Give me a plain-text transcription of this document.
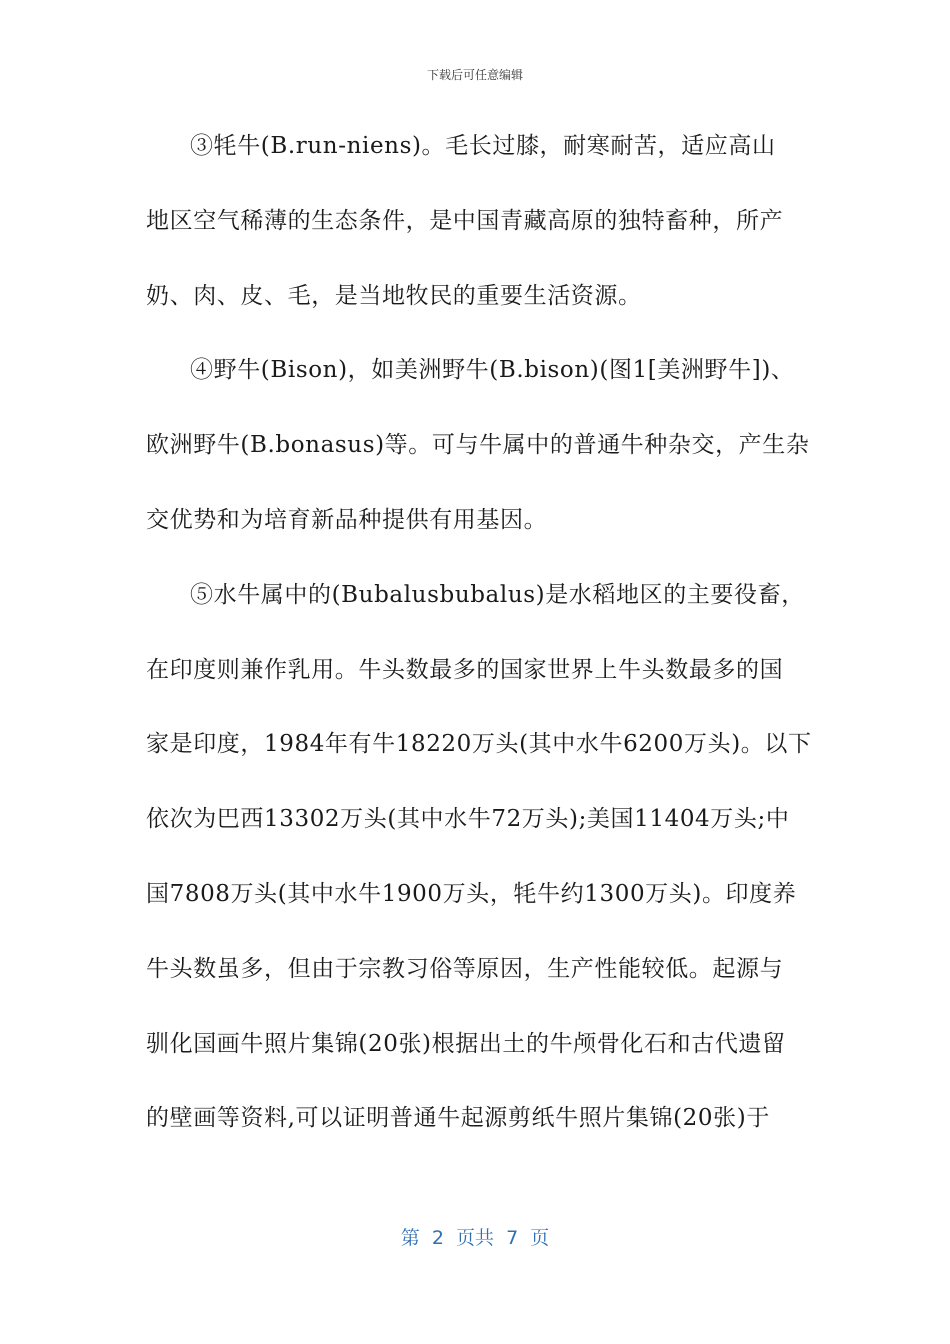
下载后可任意编辑
③牦牛(B.run-niens)。毛长过膝，耐寒耐苦，适应高山
地区空气稀薄的生态条件，是中国青藏高原的独特畜种，所产
奶、肉、皮、毛，是当地牧民的重要生活资源。
④野牛(Bison)，如美洲野牛(B.bison)(图1[美洲野牛])、
欧洲野牛(B.bonasus)等。可与牛属中的普通牛种杂交，产生杂
交优势和为培育新品种提供有用基因。
⑤水牛属中的(Bubalusbubalus)是水稻地区的主要役畜，
在印度则兼作乳用。牛头数最多的国家世界上牛头数最多的国
家是印度，1984年有牛18220万头(其中水牛6200万头)。以下
依次为巴西13302万头(其中水牛72万头);美国11404万头;中
国7808万头(其中水牛1900万头，牦牛约1300万头)。印度养
牛头数虽多，但由于宗教习俗等原因，生产性能较低。起源与
驯化国画牛照片集锦(20张)根据出土的牛颅骨化石和古代遗留
的壁画等资料,可以证明普通牛起源剪纸牛照片集锦(20张)于
第  2  页共  7  页
